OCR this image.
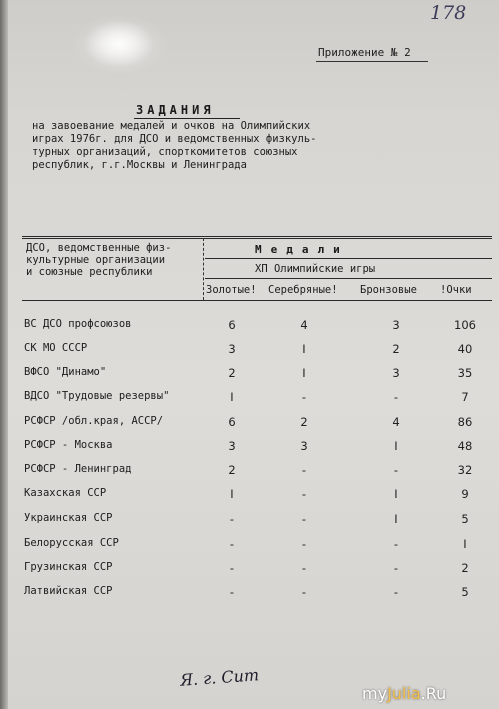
178
Приложение № 2
ЗАДАНИЯ
на завоевание медалей и очков на Олимпийских
играх 1976г. для ДСО и ведомственных физкуль-
турных организаций, спорткомитетов союзных
республик, г.г.Москвы и Ленинграда
ДСО, ведомственные физ-
культурные организации
и союзные республики
Медали
ХП Олимпийские игры
Золотые! Серебряные! Бронзовые !Очки
ВС ДСО профсоюзов	6	4	3	106
СК МО СССР	3	I	2	40
ВФСО "Динамо"	2	I	3	35
ВДСО "Трудовые резервы"	I	-	-	7
РСФСР /обл.края, АССР/	6	2	4	86
РСФСР - Москва	3	3	I	48
РСФСР - Ленинград	2	-	-	32
Казахская ССР	I	-	I	9
Украинская ССР	-	-	I	5
Белорусская ССР	-	-	-	I
Грузинская ССР	-	-	-	2
Латвийская ССР	-	-	-	5
Я. г. Сит
myJulia.Ru
